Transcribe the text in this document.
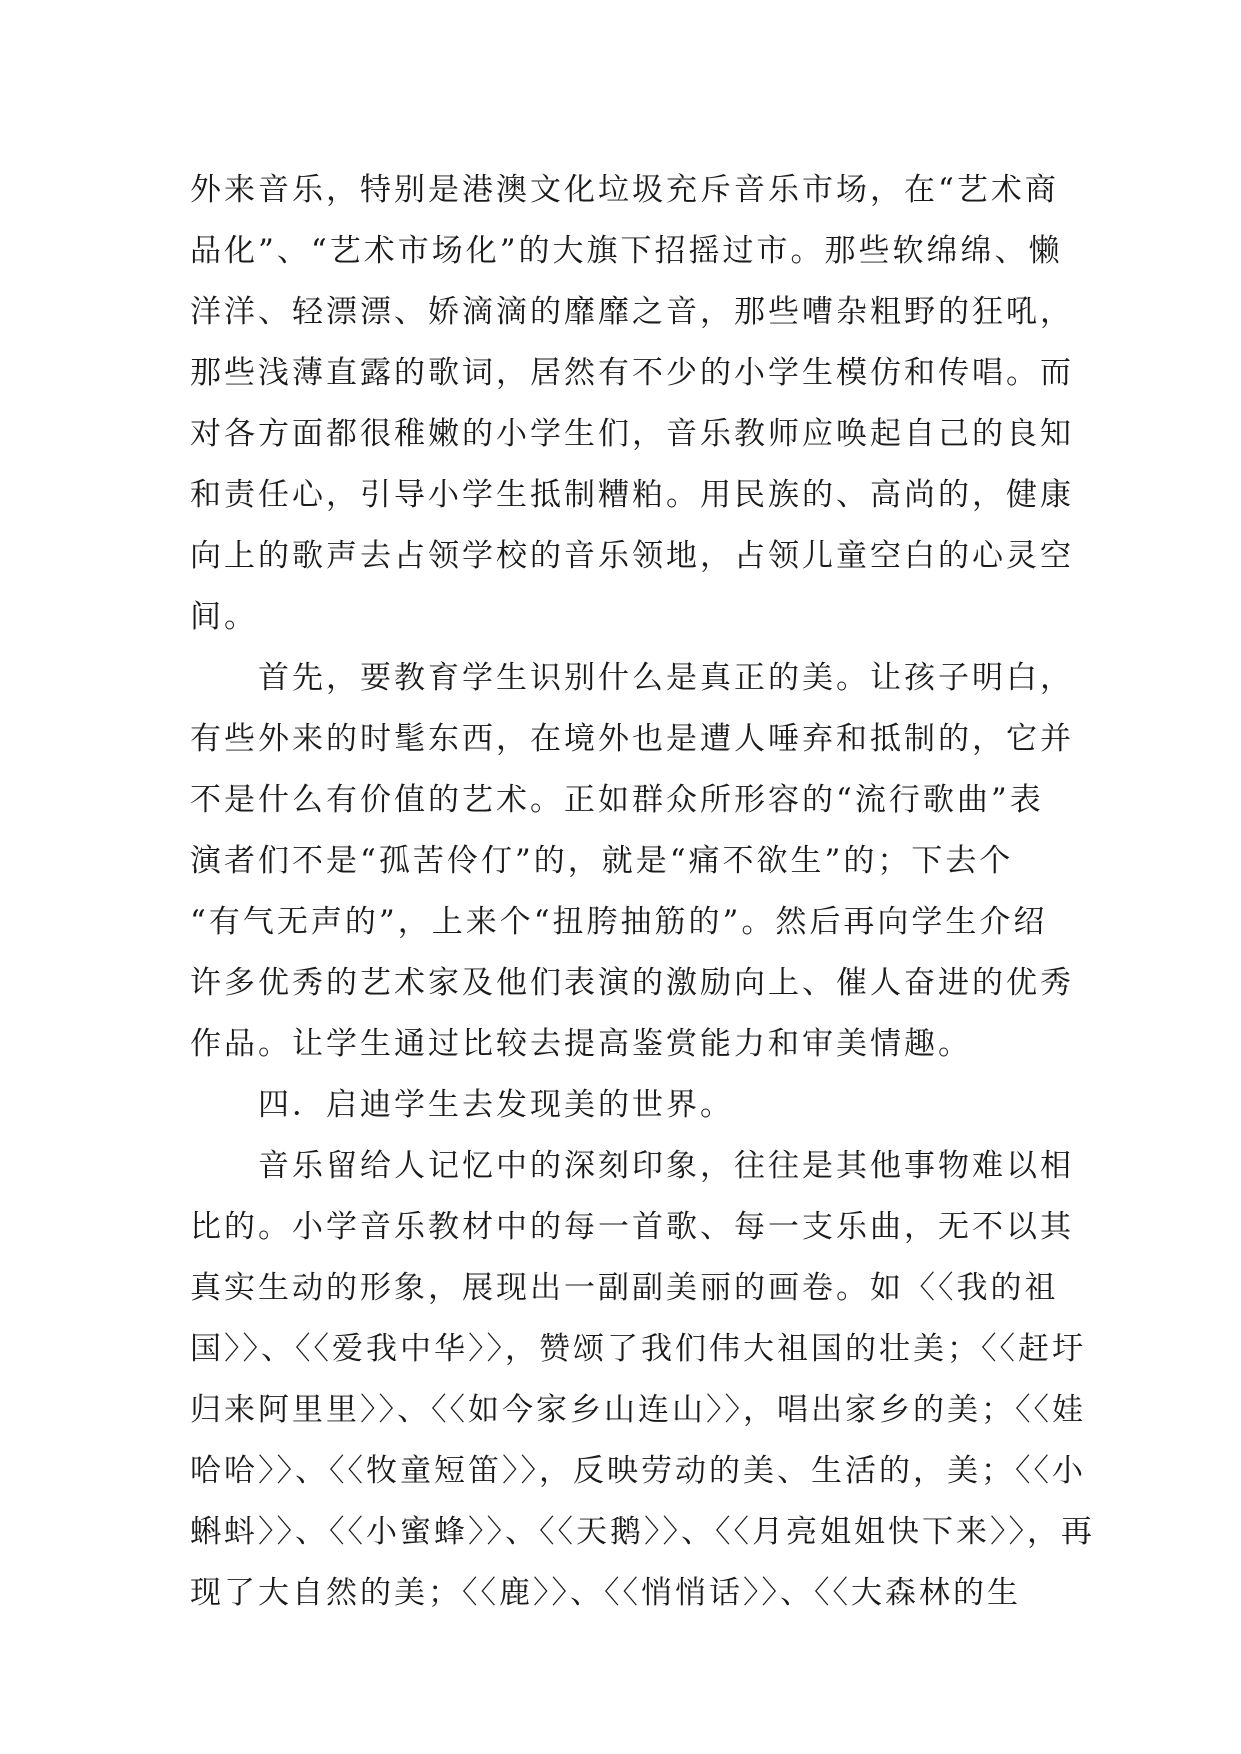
外来音乐，特别是港澳文化垃圾充斥音乐市场，在“艺术商
品化”、“艺术市场化”的大旗下招摇过市。那些软绵绵、懒
洋洋、轻漂漂、娇滴滴的靡靡之音，那些嘈杂粗野的狂吼，
那些浅薄直露的歌词，居然有不少的小学生模仿和传唱。而
对各方面都很稚嫩的小学生们，音乐教师应唤起自己的良知
和责任心，引导小学生抵制糟粕。用民族的、高尚的，健康
向上的歌声去占领学校的音乐领地，占领儿童空白的心灵空
间。
　　首先，要教育学生识别什么是真正的美。让孩子明白，
有些外来的时髦东西，在境外也是遭人唾弃和抵制的，它并
不是什么有价值的艺术。正如群众所形容的“流行歌曲”表
演者们不是“孤苦伶仃”的，就是“痛不欲生”的；下去个
“有气无声的”，上来个“扭胯抽筋的”。然后再向学生介绍
许多优秀的艺术家及他们表演的激励向上、催人奋进的优秀
作品。让学生通过比较去提高鉴赏能力和审美情趣。
　　四．启迪学生去发现美的世界。
　　音乐留给人记忆中的深刻印象，往往是其他事物难以相
比的。小学音乐教材中的每一首歌、每一支乐曲，无不以其
真实生动的形象，展现出一副副美丽的画卷。如〈〈我的祖
国〉〉、〈〈爱我中华〉〉，赞颂了我们伟大祖国的壮美；〈〈赶圩
归来阿里里〉〉、〈〈如今家乡山连山〉〉，唱出家乡的美；〈〈娃
哈哈〉〉、〈〈牧童短笛〉〉，反映劳动的美、生活的，美；〈〈小
蝌蚪〉〉、〈〈小蜜蜂〉〉、〈〈天鹅〉〉、〈〈月亮姐姐快下来〉〉，再
现了大自然的美；〈〈鹿〉〉、〈〈悄悄话〉〉、〈〈大森林的生
